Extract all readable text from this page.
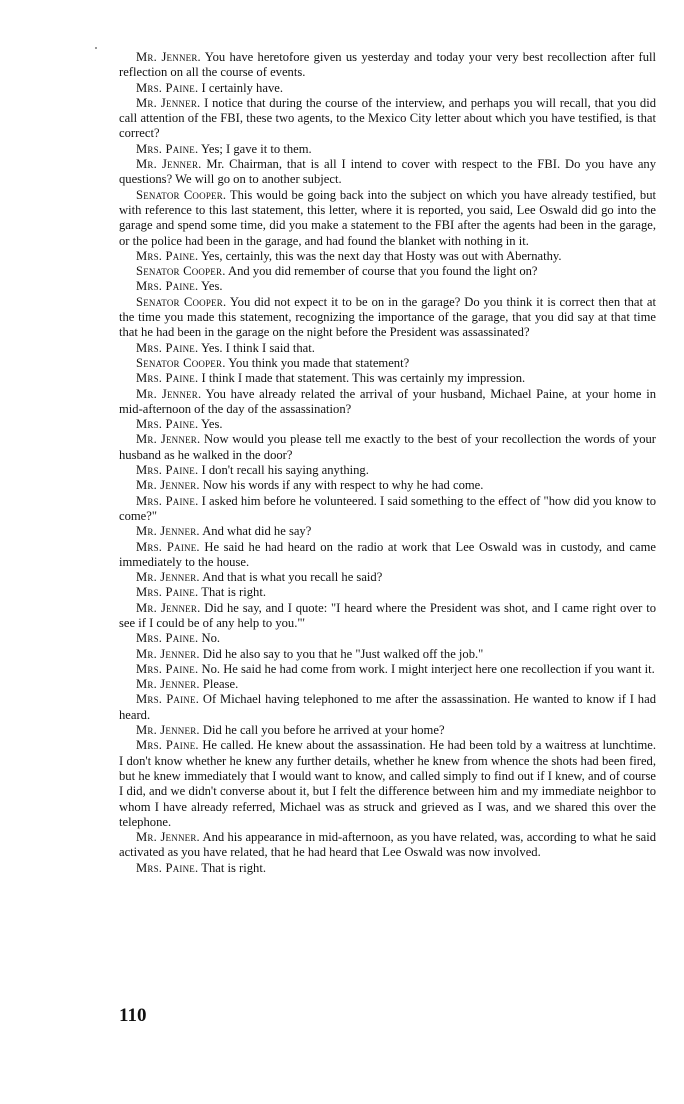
Mr. Jenner. You have heretofore given us yesterday and today your very best recollection after full reflection on all the course of events.

Mrs. Paine. I certainly have.

Mr. Jenner. I notice that during the course of the interview, and perhaps you will recall, that you did call attention of the FBI, these two agents, to the Mexico City letter about which you have testified, is that correct?

Mrs. Paine. Yes; I gave it to them.

Mr. Jenner. Mr. Chairman, that is all I intend to cover with respect to the FBI. Do you have any questions? We will go on to another subject.

Senator Cooper. This would be going back into the subject on which you have already testified, but with reference to this last statement, this letter, where it is reported, you said, Lee Oswald did go into the garage and spend some time, did you make a statement to the FBI after the agents had been in the garage, or the police had been in the garage, and had found the blanket with nothing in it.

Mrs. Paine. Yes, certainly, this was the next day that Hosty was out with Abernathy.

Senator Cooper. And you did remember of course that you found the light on?

Mrs. Paine. Yes.

Senator Cooper. You did not expect it to be on in the garage? Do you think it is correct then that at the time you made this statement, recognizing the importance of the garage, that you did say at that time that he had been in the garage on the night before the President was assassinated?

Mrs. Paine. Yes. I think I said that.

Senator Cooper. You think you made that statement?

Mrs. Paine. I think I made that statement. This was certainly my impression.

Mr. Jenner. You have already related the arrival of your husband, Michael Paine, at your home in mid-afternoon of the day of the assassination?

Mrs. Paine. Yes.

Mr. Jenner. Now would you please tell me exactly to the best of your recollection the words of your husband as he walked in the door?

Mrs. Paine. I don't recall his saying anything.

Mr. Jenner. Now his words if any with respect to why he had come.

Mrs. Paine. I asked him before he volunteered. I said something to the effect of "how did you know to come?"

Mr. Jenner. And what did he say?

Mrs. Paine. He said he had heard on the radio at work that Lee Oswald was in custody, and came immediately to the house.

Mr. Jenner. And that is what you recall he said?

Mrs. Paine. That is right.

Mr. Jenner. Did he say, and I quote: "I heard where the President was shot, and I came right over to see if I could be of any help to you."'

Mrs. Paine. No.

Mr. Jenner. Did he also say to you that he "Just walked off the job."

Mrs. Paine. No. He said he had come from work. I might interject here one recollection if you want it.

Mr. Jenner. Please.

Mrs. Paine. Of Michael having telephoned to me after the assassination. He wanted to know if I had heard.

Mr. Jenner. Did he call you before he arrived at your home?

Mrs. Paine. He called. He knew about the assassination. He had been told by a waitress at lunchtime. I don't know whether he knew any further details, whether he knew from whence the shots had been fired, but he knew immediately that I would want to know, and called simply to find out if I knew, and of course I did, and we didn't converse about it, but I felt the difference between him and my immediate neighbor to whom I have already referred, Michael was as struck and grieved as I was, and we shared this over the telephone.

Mr. Jenner. And his appearance in mid-afternoon, as you have related, was, according to what he said activated as you have related, that he had heard that Lee Oswald was now involved.

Mrs. Paine. That is right.

110
